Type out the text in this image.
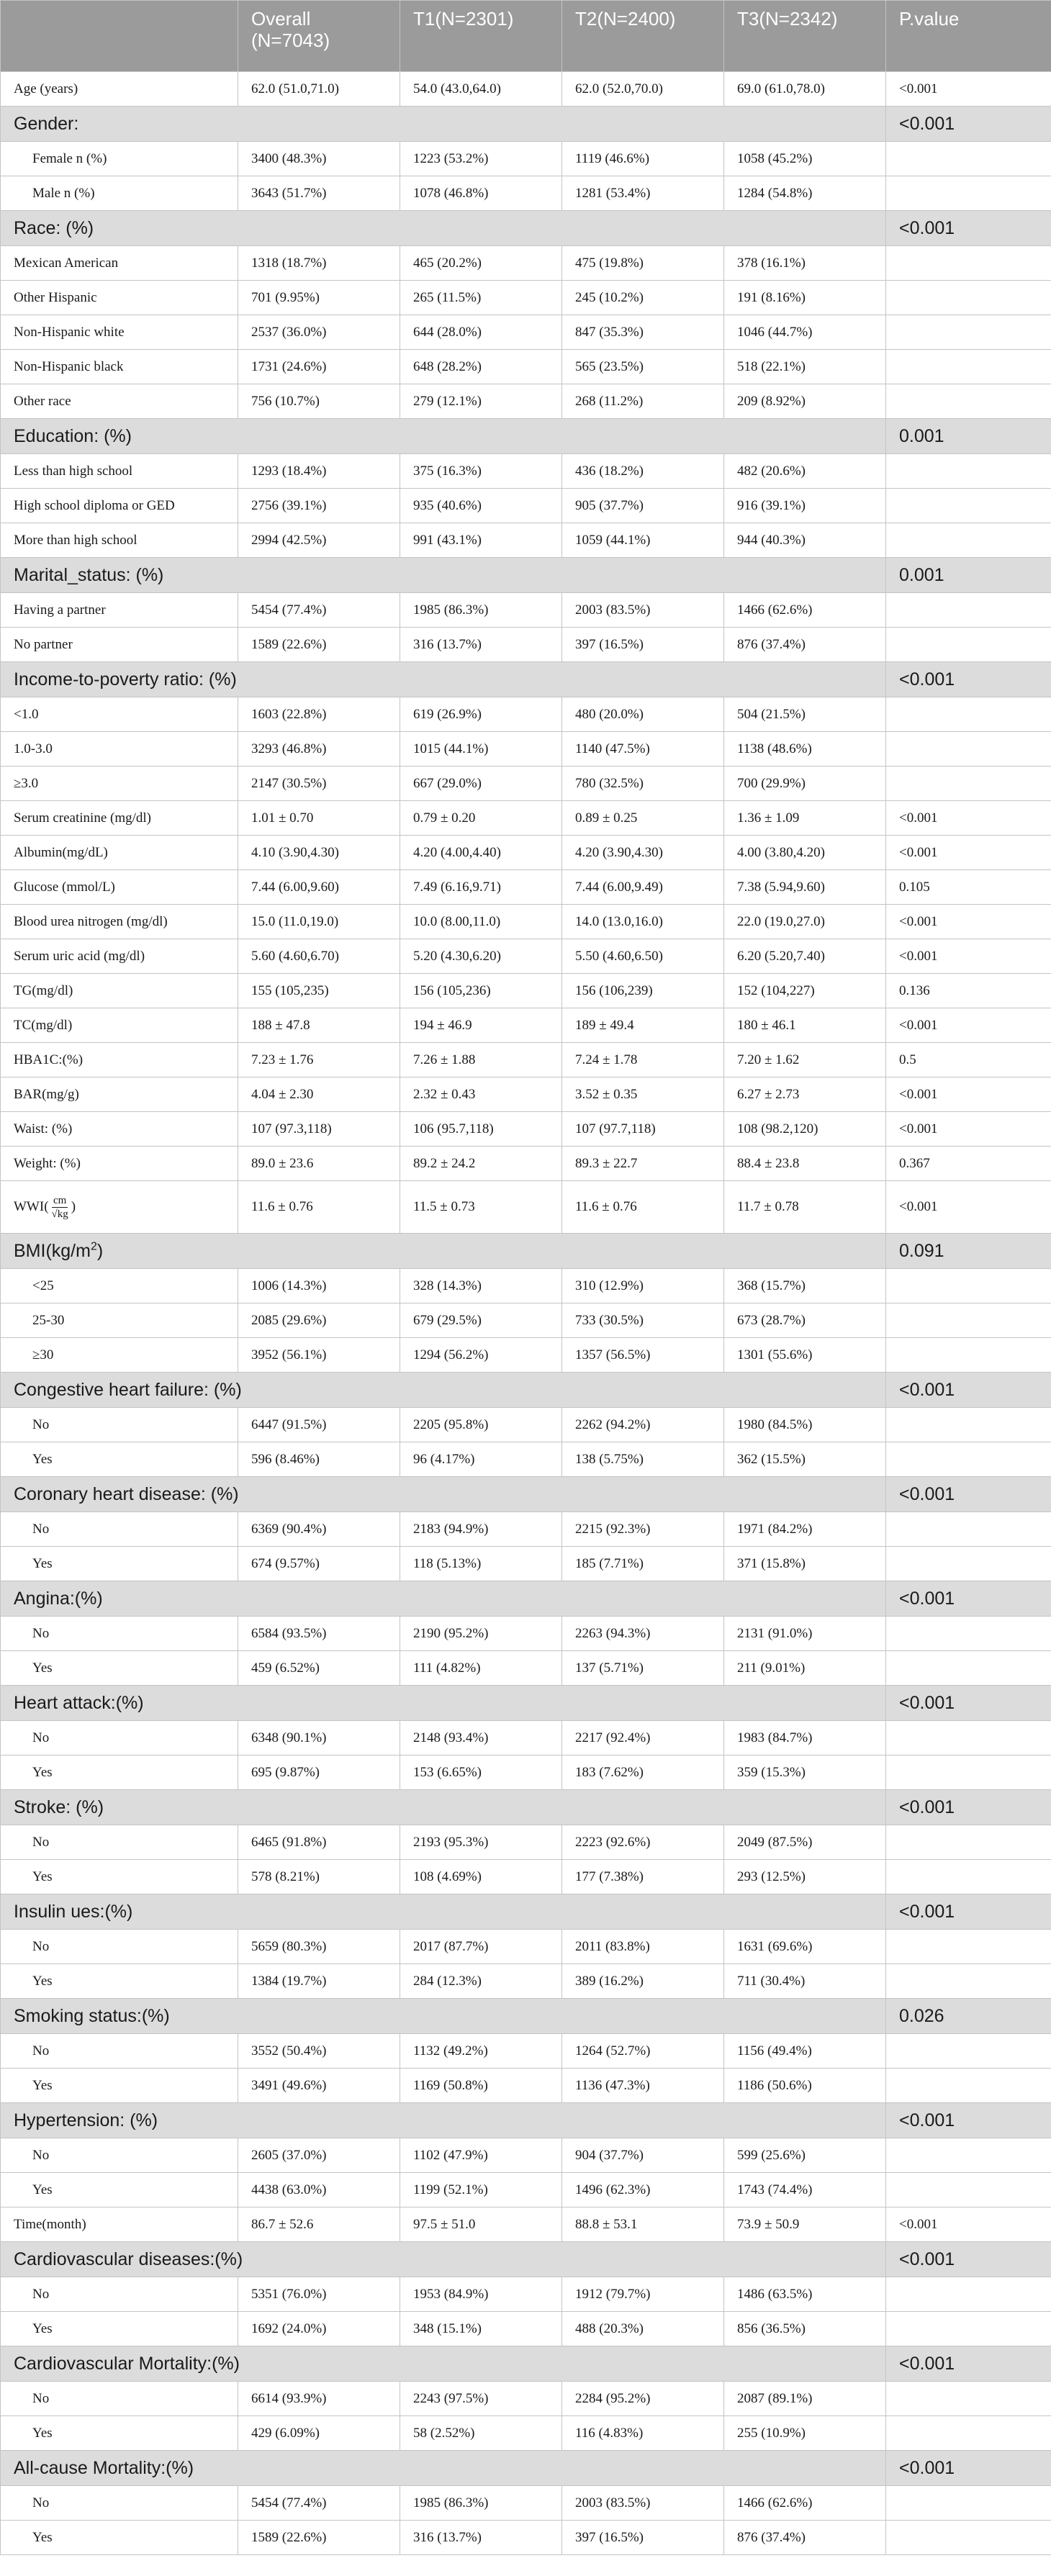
	Overall (N=7043)	T1(N=2301)	T2(N=2400)	T3(N=2342)	P.value
Age (years)	62.0 (51.0,71.0)	54.0 (43.0,64.0)	62.0 (52.0,70.0)	69.0 (61.0,78.0)	<0.001
Gender:					<0.001
Female n (%)	3400 (48.3%)	1223 (53.2%)	1119 (46.6%)	1058 (45.2%)	
Male n (%)	3643 (51.7%)	1078 (46.8%)	1281 (53.4%)	1284 (54.8%)	
Race: (%)					<0.001
Mexican American	1318 (18.7%)	465 (20.2%)	475 (19.8%)	378 (16.1%)	
Other Hispanic	701 (9.95%)	265 (11.5%)	245 (10.2%)	191 (8.16%)	
Non-Hispanic white	2537 (36.0%)	644 (28.0%)	847 (35.3%)	1046 (44.7%)	
Non-Hispanic black	1731 (24.6%)	648 (28.2%)	565 (23.5%)	518 (22.1%)	
Other race	756 (10.7%)	279 (12.1%)	268 (11.2%)	209 (8.92%)	
Education: (%)					0.001
Less than high school	1293 (18.4%)	375 (16.3%)	436 (18.2%)	482 (20.6%)	
High school diploma or GED	2756 (39.1%)	935 (40.6%)	905 (37.7%)	916 (39.1%)	
More than high school	2994 (42.5%)	991 (43.1%)	1059 (44.1%)	944 (40.3%)	
Marital_status: (%)					0.001
Having a partner	5454 (77.4%)	1985 (86.3%)	2003 (83.5%)	1466 (62.6%)	
No partner	1589 (22.6%)	316 (13.7%)	397 (16.5%)	876 (37.4%)	
Income-to-poverty ratio: (%)					<0.001
<1.0	1603 (22.8%)	619 (26.9%)	480 (20.0%)	504 (21.5%)	
1.0-3.0	3293 (46.8%)	1015 (44.1%)	1140 (47.5%)	1138 (48.6%)	
≥3.0	2147 (30.5%)	667 (29.0%)	780 (32.5%)	700 (29.9%)	
Serum creatinine (mg/dl)	1.01 ± 0.70	0.79 ± 0.20	0.89 ± 0.25	1.36 ± 1.09	<0.001
Albumin(mg/dL)	4.10 (3.90,4.30)	4.20 (4.00,4.40)	4.20 (3.90,4.30)	4.00 (3.80,4.20)	<0.001
Glucose (mmol/L)	7.44 (6.00,9.60)	7.49 (6.16,9.71)	7.44 (6.00,9.49)	7.38 (5.94,9.60)	0.105
Blood urea nitrogen (mg/dl)	15.0 (11.0,19.0)	10.0 (8.00,11.0)	14.0 (13.0,16.0)	22.0 (19.0,27.0)	<0.001
Serum uric acid (mg/dl)	5.60 (4.60,6.70)	5.20 (4.30,6.20)	5.50 (4.60,6.50)	6.20 (5.20,7.40)	<0.001
TG(mg/dl)	155 (105,235)	156 (105,236)	156 (106,239)	152 (104,227)	0.136
TC(mg/dl)	188 ± 47.8	194 ± 46.9	189 ± 49.4	180 ± 46.1	<0.001
HBA1C:(%)	7.23 ± 1.76	7.26 ± 1.88	7.24 ± 1.78	7.20 ± 1.62	0.5
BAR(mg/g)	4.04 ± 2.30	2.32 ± 0.43	3.52 ± 0.35	6.27 ± 2.73	<0.001
Waist: (%)	107 (97.3,118)	106 (95.7,118)	107 (97.7,118)	108 (98.2,120)	<0.001
Weight: (%)	89.0 ± 23.6	89.2 ± 24.2	89.3 ± 22.7	88.4 ± 23.8	0.367

$WWI( \frac{cm}{√kg}$ )	11.6 ± 0.76	11.5 ± 0.73	11.6 ± 0.76	11.7 ± 0.78	<0.001
$BMI(kg/m^2)$					0.091
<25	1006 (14.3%)	328 (14.3%)	310 (12.9%)	368 (15.7%)	
25-30	2085 (29.6%)	679 (29.5%)	733 (30.5%)	673 (28.7%)	
≥30	3952 (56.1%)	1294 (56.2%)	1357 (56.5%)	1301 (55.6%)	
Congestive heart failure: (%)					<0.001
No	6447 (91.5%)	2205 (95.8%)	2262 (94.2%)	1980 (84.5%)	
Yes	596 (8.46%)	96 (4.17%)	138 (5.75%)	362 (15.5%)	
Coronary heart disease: (%)					<0.001
No	6369 (90.4%)	2183 (94.9%)	2215 (92.3%)	1971 (84.2%)	
Yes	674 (9.57%)	118 (5.13%)	185 (7.71%)	371 (15.8%)	
Angina:(%)					<0.001
No	6584 (93.5%)	2190 (95.2%)	2263 (94.3%)	2131 (91.0%)	
Yes	459 (6.52%)	111 (4.82%)	137 (5.71%)	211 (9.01%)	
Heart attack:(%)					<0.001
No	6348 (90.1%)	2148 (93.4%)	2217 (92.4%)	1983 (84.7%)	
Yes	695 (9.87%)	153 (6.65%)	183 (7.62%)	359 (15.3%)	
Stroke: (%)					<0.001
No	6465 (91.8%)	2193 (95.3%)	2223 (92.6%)	2049 (87.5%)	
Yes	578 (8.21%)	108 (4.69%)	177 (7.38%)	293 (12.5%)	
Insulin ues:(%)					<0.001
No	5659 (80.3%)	2017 (87.7%)	2011 (83.8%)	1631 (69.6%)	
Yes	1384 (19.7%)	284 (12.3%)	389 (16.2%)	711 (30.4%)	
Smoking status:(%)					0.026
No	3552 (50.4%)	1132 (49.2%)	1264 (52.7%)	1156 (49.4%)	
Yes	3491 (49.6%)	1169 (50.8%)	1136 (47.3%)	1186 (50.6%)	
Hypertension: (%)					<0.001
No	2605 (37.0%)	1102 (47.9%)	904 (37.7%)	599 (25.6%)	
Yes	4438 (63.0%)	1199 (52.1%)	1496 (62.3%)	1743 (74.4%)	
Time(month)	86.7 ± 52.6	97.5 ± 51.0	88.8 ± 53.1	73.9 ± 50.9	<0.001
Cardiovascular diseases:(%)					<0.001
No	5351 (76.0%)	1953 (84.9%)	1912 (79.7%)	1486 (63.5%)	
Yes	1692 (24.0%)	348 (15.1%)	488 (20.3%)	856 (36.5%)	
Cardiovascular Mortality:(%)					<0.001
No	6614 (93.9%)	2243 (97.5%)	2284 (95.2%)	2087 (89.1%)	
Yes	429 (6.09%)	58 (2.52%)	116 (4.83%)	255 (10.9%)	
All-cause Mortality:(%)					<0.001
No	5454 (77.4%)	1985 (86.3%)	2003 (83.5%)	1466 (62.6%)	
Yes	1589 (22.6%)	316 (13.7%)	397 (16.5%)	876 (37.4%)	
